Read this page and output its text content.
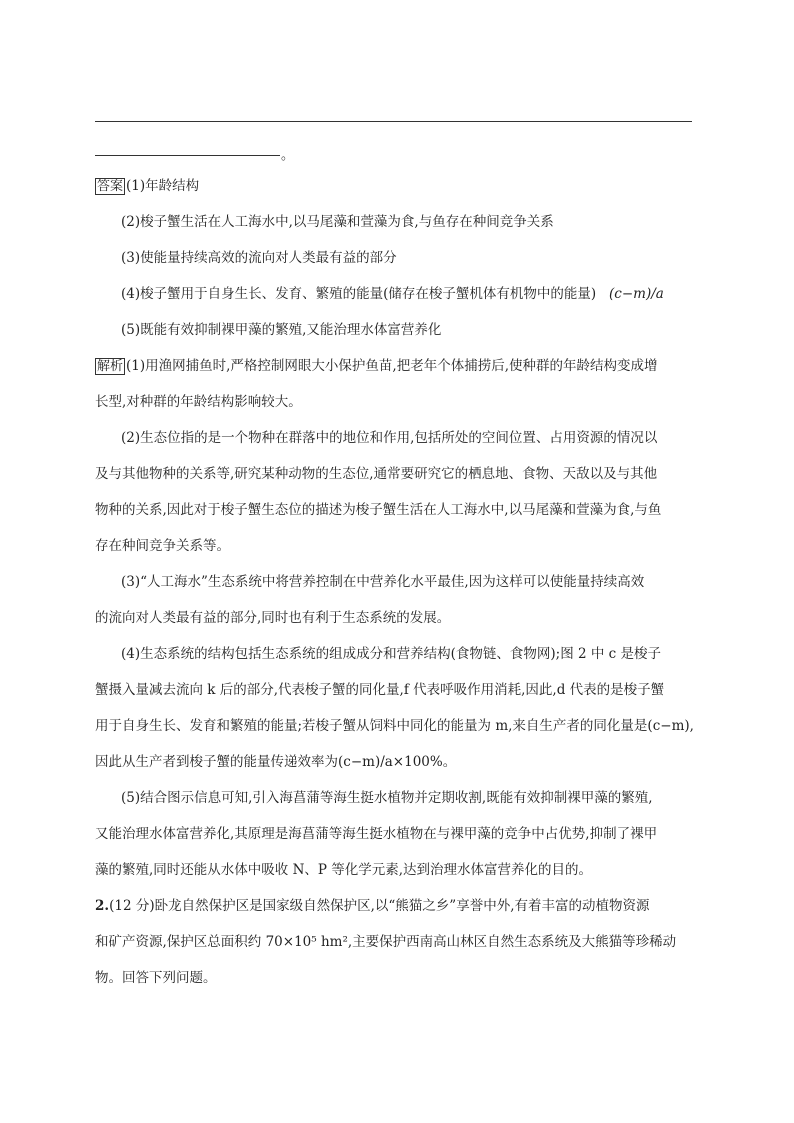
。
答案 (1)年龄结构
(2)梭子蟹生活在人工海水中,以马尾藻和萱藻为食,与鱼存在种间竞争关系
(3)使能量持续高效的流向对人类最有益的部分
(4)梭子蟹用于自身生长、发育、繁殖的能量(储存在梭子蟹机体有机物中的能量) (c−m)/a
(5)既能有效抑制裸甲藻的繁殖,又能治理水体富营养化
解析 (1)用渔网捕鱼时,严格控制网眼大小保护鱼苗,把老年个体捕捞后,使种群的年龄结构变成增
长型,对种群的年龄结构影响较大。
(2)生态位指的是一个物种在群落中的地位和作用,包括所处的空间位置、占用资源的情况以
及与其他物种的关系等,研究某种动物的生态位,通常要研究它的栖息地、食物、天敌以及与其他
物种的关系,因此对于梭子蟹生态位的描述为梭子蟹生活在人工海水中,以马尾藻和萱藻为食,与鱼
存在种间竞争关系等。
(3)“人工海水”生态系统中将营养控制在中营养化水平最佳,因为这样可以使能量持续高效
的流向对人类最有益的部分,同时也有利于生态系统的发展。
(4)生态系统的结构包括生态系统的组成成分和营养结构(食物链、食物网);图 2 中 c 是梭子
蟹摄入量减去流向 k 后的部分,代表梭子蟹的同化量,f 代表呼吸作用消耗,因此,d 代表的是梭子蟹
用于自身生长、发育和繁殖的能量;若梭子蟹从饲料中同化的能量为 m,来自生产者的同化量是(c−m),
因此从生产者到梭子蟹的能量传递效率为(c−m)/a×100%。
(5)结合图示信息可知,引入海菖蒲等海生挺水植物并定期收割,既能有效抑制裸甲藻的繁殖,
又能治理水体富营养化,其原理是海菖蒲等海生挺水植物在与裸甲藻的竞争中占优势,抑制了裸甲
藻的繁殖,同时还能从水体中吸收 N、P 等化学元素,达到治理水体富营养化的目的。
2.(12 分)卧龙自然保护区是国家级自然保护区,以“熊猫之乡”享誉中外,有着丰富的动植物资源
和矿产资源,保护区总面积约 70×10⁵ hm²,主要保护西南高山林区自然生态系统及大熊猫等珍稀动
物。回答下列问题。
